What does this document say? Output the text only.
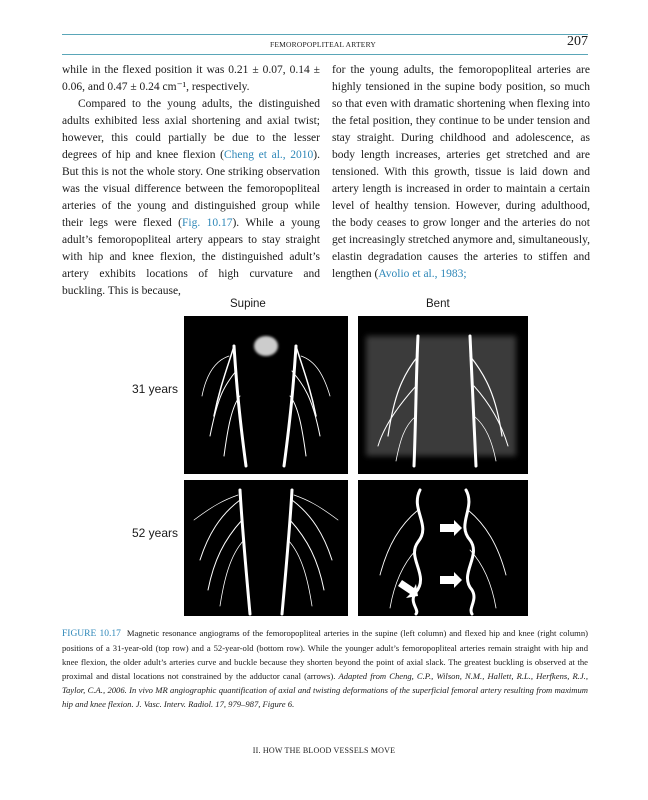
FEMOROPOPLITEAL ARTERY	207

while in the flexed position it was 0.21 ± 0.07, 0.14 ± 0.06, and 0.47 ± 0.24 cm⁻¹, respectively.

Compared to the young adults, the distinguished adults exhibited less axial shortening and axial twist; however, this could partially be due to the lesser degrees of hip and knee flexion (Cheng et al., 2010). But this is not the whole story. One striking observation was the visual difference between the femoropopliteal arteries of the young and distinguished group while their legs were flexed (Fig. 10.17). While a young adult’s femoropopliteal artery appears to stay straight with hip and knee flexion, the distinguished adult’s artery exhibits locations of high curvature and buckling. This is because,

for the young adults, the femoropopliteal arteries are highly tensioned in the supine body position, so much so that even with dramatic shortening when flexing into the fetal position, they continue to be under tension and stay straight. During childhood and adolescence, as body length increases, arteries get stretched and are tensioned. With this growth, tissue is laid down and artery length is increased in order to maintain a certain level of healthy tension. However, during adulthood, the body ceases to grow longer and the arteries do not get increasingly stretched anymore and, simultaneously, elastin degradation causes the arteries to stiffen and lengthen (Avolio et al., 1983;

Supine	Bent
31 years
52 years
FIGURE 10.17 Magnetic resonance angiograms of the femoropopliteal arteries in the supine (left column) and flexed hip and knee (right column) positions of a 31-year-old (top row) and a 52-year-old (bottom row). While the younger adult’s femoropopliteal arteries remain straight with hip and knee flexion, the older adult’s arteries curve and buckle because they shorten beyond the point of axial slack. The greatest buckling is observed at the proximal and distal locations not constrained by the adductor canal (arrows). Adapted from Cheng, C.P., Wilson, N.M., Hallett, R.L., Herfkens, R.J., Taylor, C.A., 2006. In vivo MR angiographic quantification of axial and twisting deformations of the superficial femoral artery resulting from maximum hip and knee flexion. J. Vasc. Interv. Radiol. 17, 979–987, Figure 6.
II. HOW THE BLOOD VESSELS MOVE
